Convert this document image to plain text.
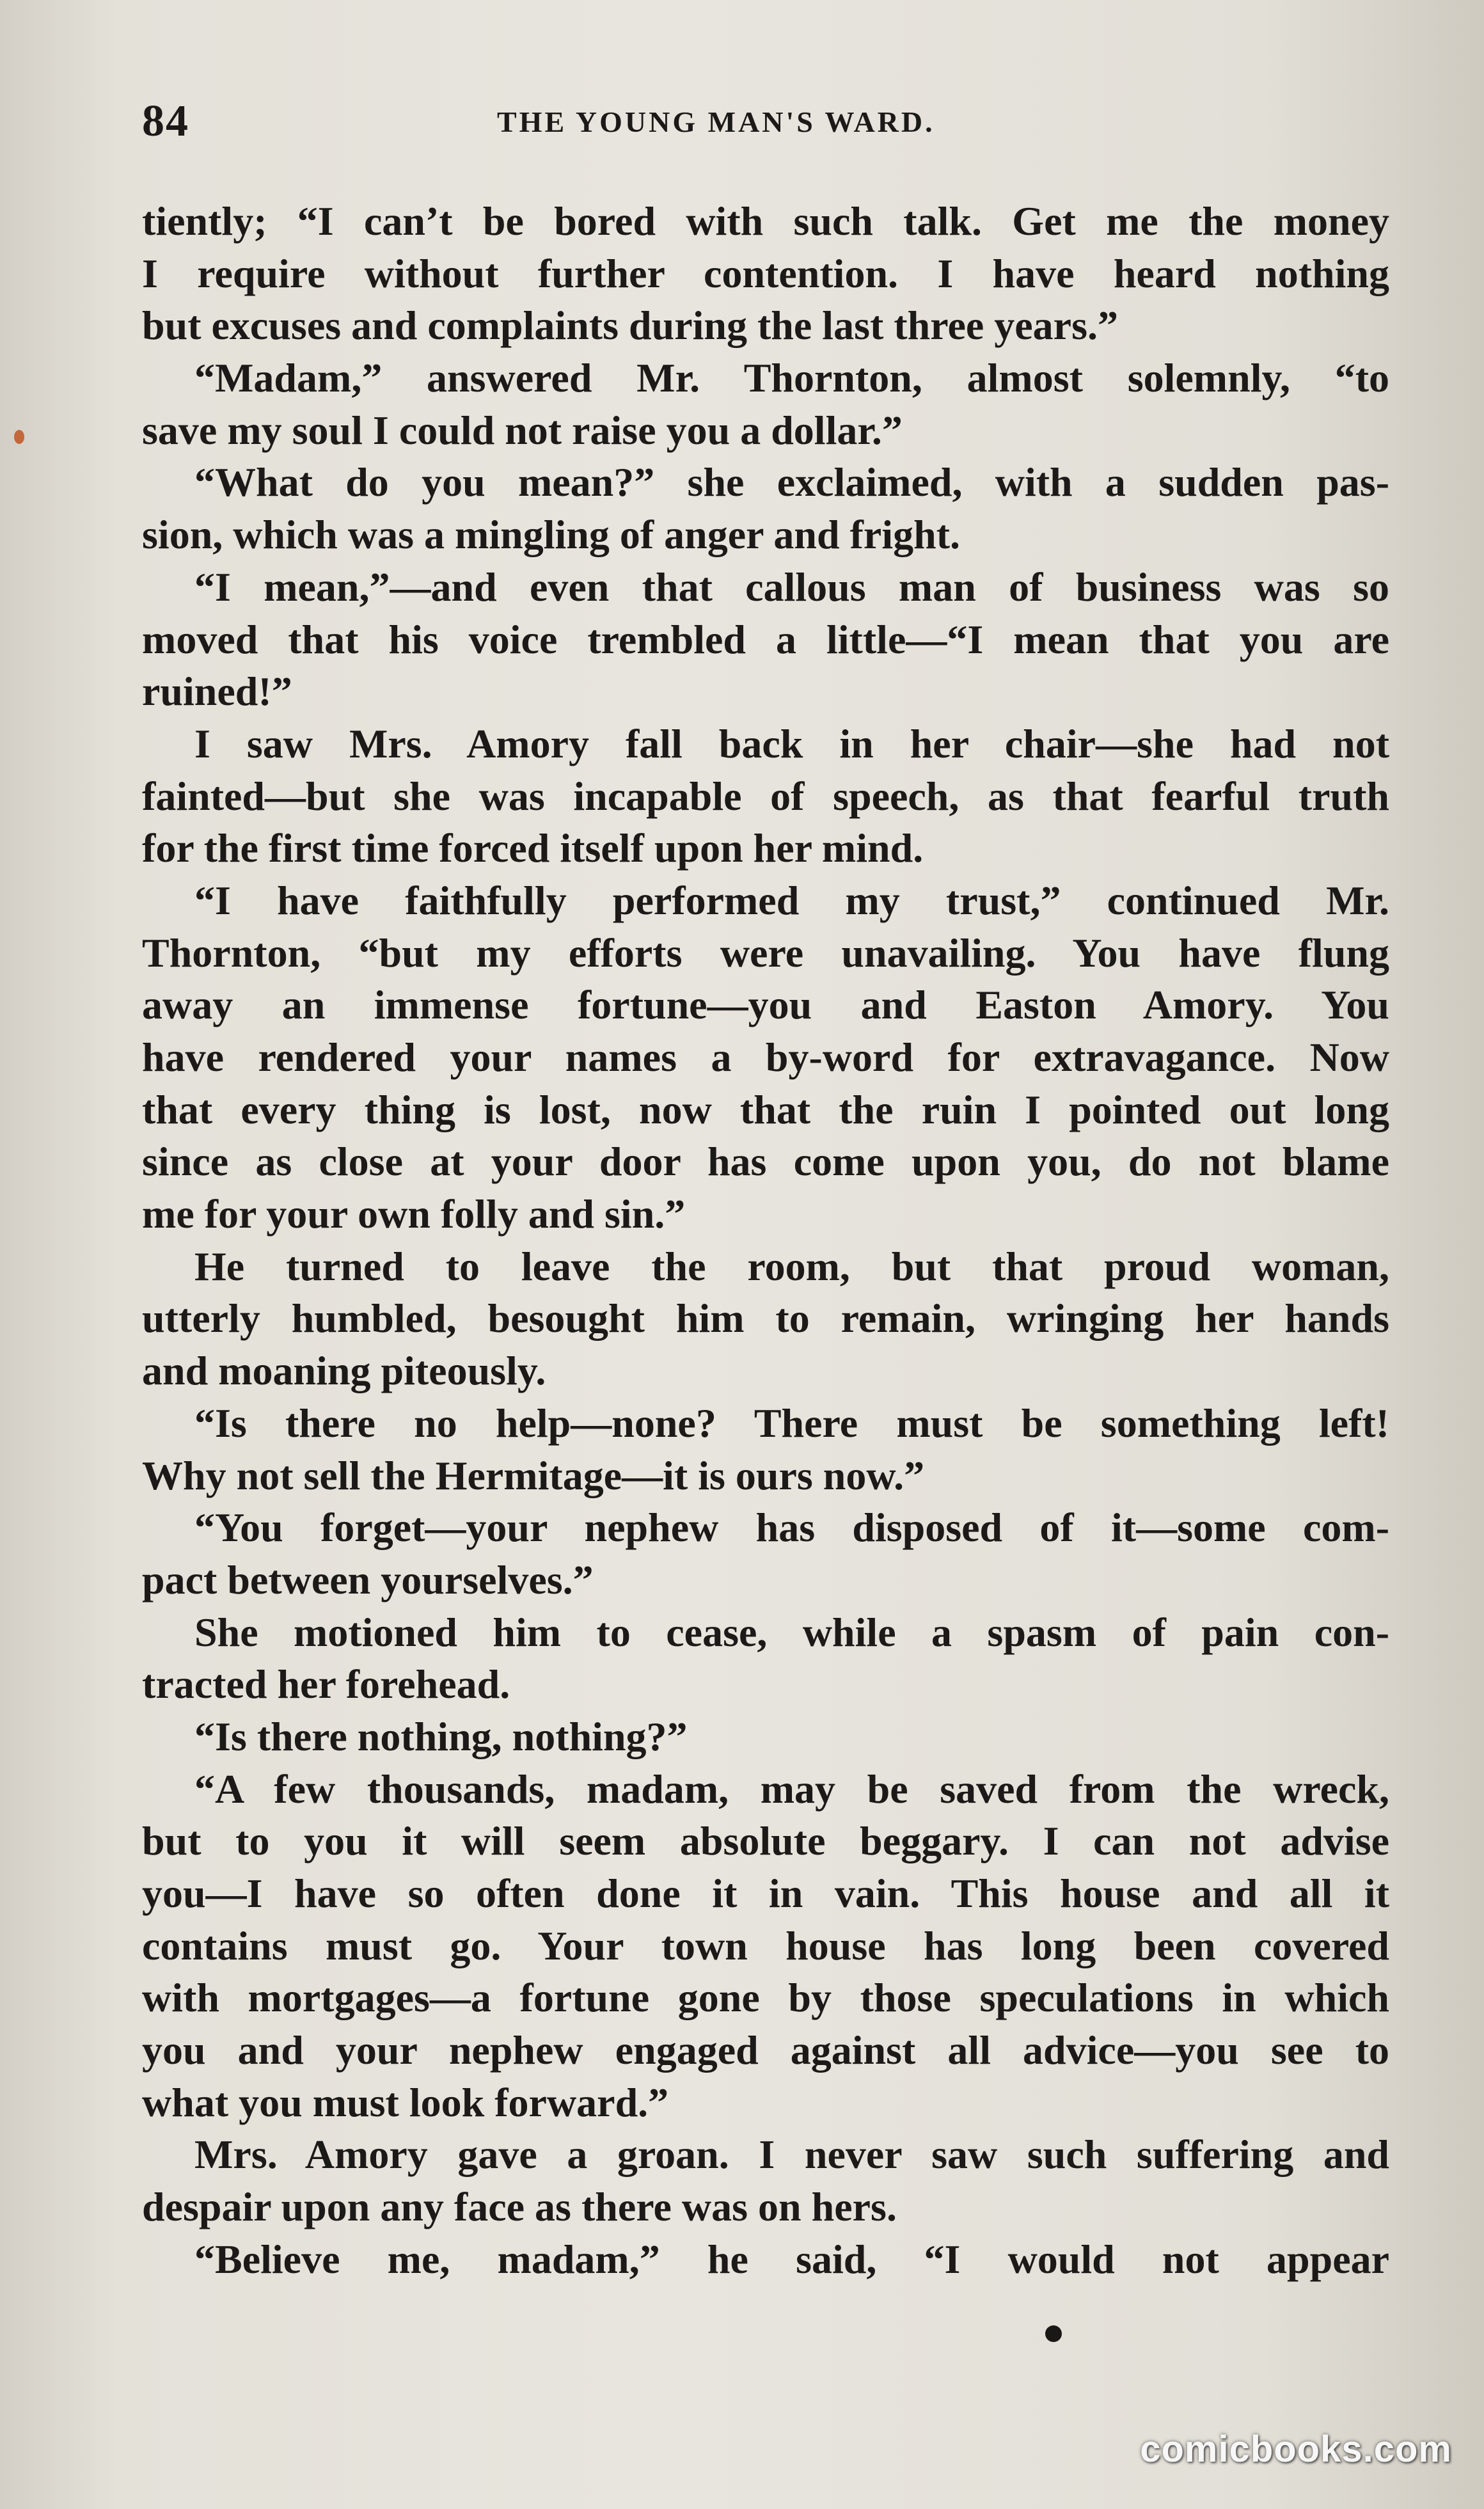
84	THE YOUNG MAN'S WARD.
tiently; “I can’t be bored with such talk. Get me the money
I require without further contention. I have heard nothing
but excuses and complaints during the last three years.”
“Madam,” answered Mr. Thornton, almost solemnly, “to
save my soul I could not raise you a dollar.”
“What do you mean?” she exclaimed, with a sudden pas-
sion, which was a mingling of anger and fright.
“I mean,”—and even that callous man of business was so
moved that his voice trembled a little—“I mean that you are
ruined!”
I saw Mrs. Amory fall back in her chair—she had not
fainted—but she was incapable of speech, as that fearful truth
for the first time forced itself upon her mind.
“I have faithfully performed my trust,” continued Mr.
Thornton, “but my efforts were unavailing. You have flung
away an immense fortune—you and Easton Amory. You
have rendered your names a by-word for extravagance. Now
that every thing is lost, now that the ruin I pointed out long
since as close at your door has come upon you, do not blame
me for your own folly and sin.”
He turned to leave the room, but that proud woman,
utterly humbled, besought him to remain, wringing her hands
and moaning piteously.
“Is there no help—none? There must be something left!
Why not sell the Hermitage—it is ours now.”
“You forget—your nephew has disposed of it—some com-
pact between yourselves.”
She motioned him to cease, while a spasm of pain con-
tracted her forehead.
“Is there nothing, nothing?”
“A few thousands, madam, may be saved from the wreck,
but to you it will seem absolute beggary. I can not advise
you—I have so often done it in vain. This house and all it
contains must go. Your town house has long been covered
with mortgages—a fortune gone by those speculations in which
you and your nephew engaged against all advice—you see to
what you must look forward.”
Mrs. Amory gave a groan. I never saw such suffering and
despair upon any face as there was on hers.
“Believe me, madam,” he said, “I would not appear
comicbooks.com
